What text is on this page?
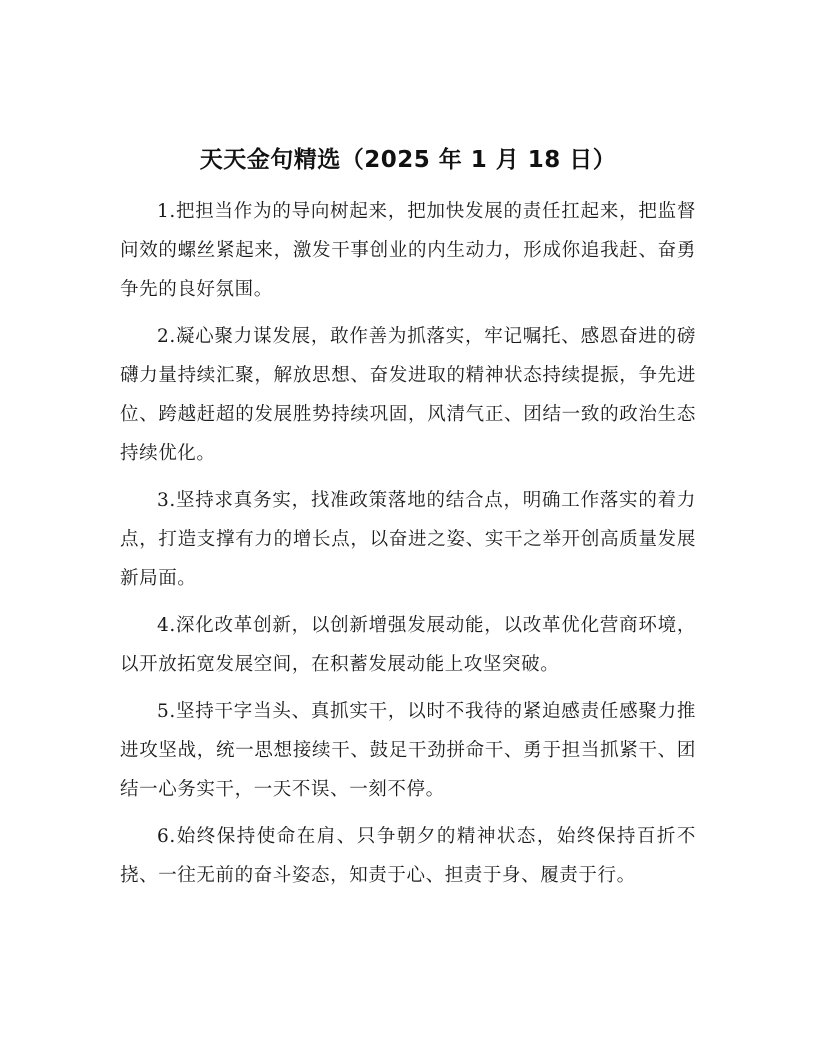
天天金句精选（2025 年 1 月 18 日）

1.把担当作为的导向树起来，把加快发展的责任扛起来，把监督问效的螺丝紧起来，激发干事创业的内生动力，形成你追我赶、奋勇争先的良好氛围。

2.凝心聚力谋发展，敢作善为抓落实，牢记嘱托、感恩奋进的磅礴力量持续汇聚，解放思想、奋发进取的精神状态持续提振，争先进位、跨越赶超的发展胜势持续巩固，风清气正、团结一致的政治生态持续优化。

3.坚持求真务实，找准政策落地的结合点，明确工作落实的着力点，打造支撑有力的增长点，以奋进之姿、实干之举开创高质量发展新局面。

4.深化改革创新，以创新增强发展动能，以改革优化营商环境，以开放拓宽发展空间，在积蓄发展动能上攻坚突破。

5.坚持干字当头、真抓实干，以时不我待的紧迫感责任感聚力推进攻坚战，统一思想接续干、鼓足干劲拼命干、勇于担当抓紧干、团结一心务实干，一天不误、一刻不停。

6.始终保持使命在肩、只争朝夕的精神状态，始终保持百折不挠、一往无前的奋斗姿态，知责于心、担责于身、履责于行。
